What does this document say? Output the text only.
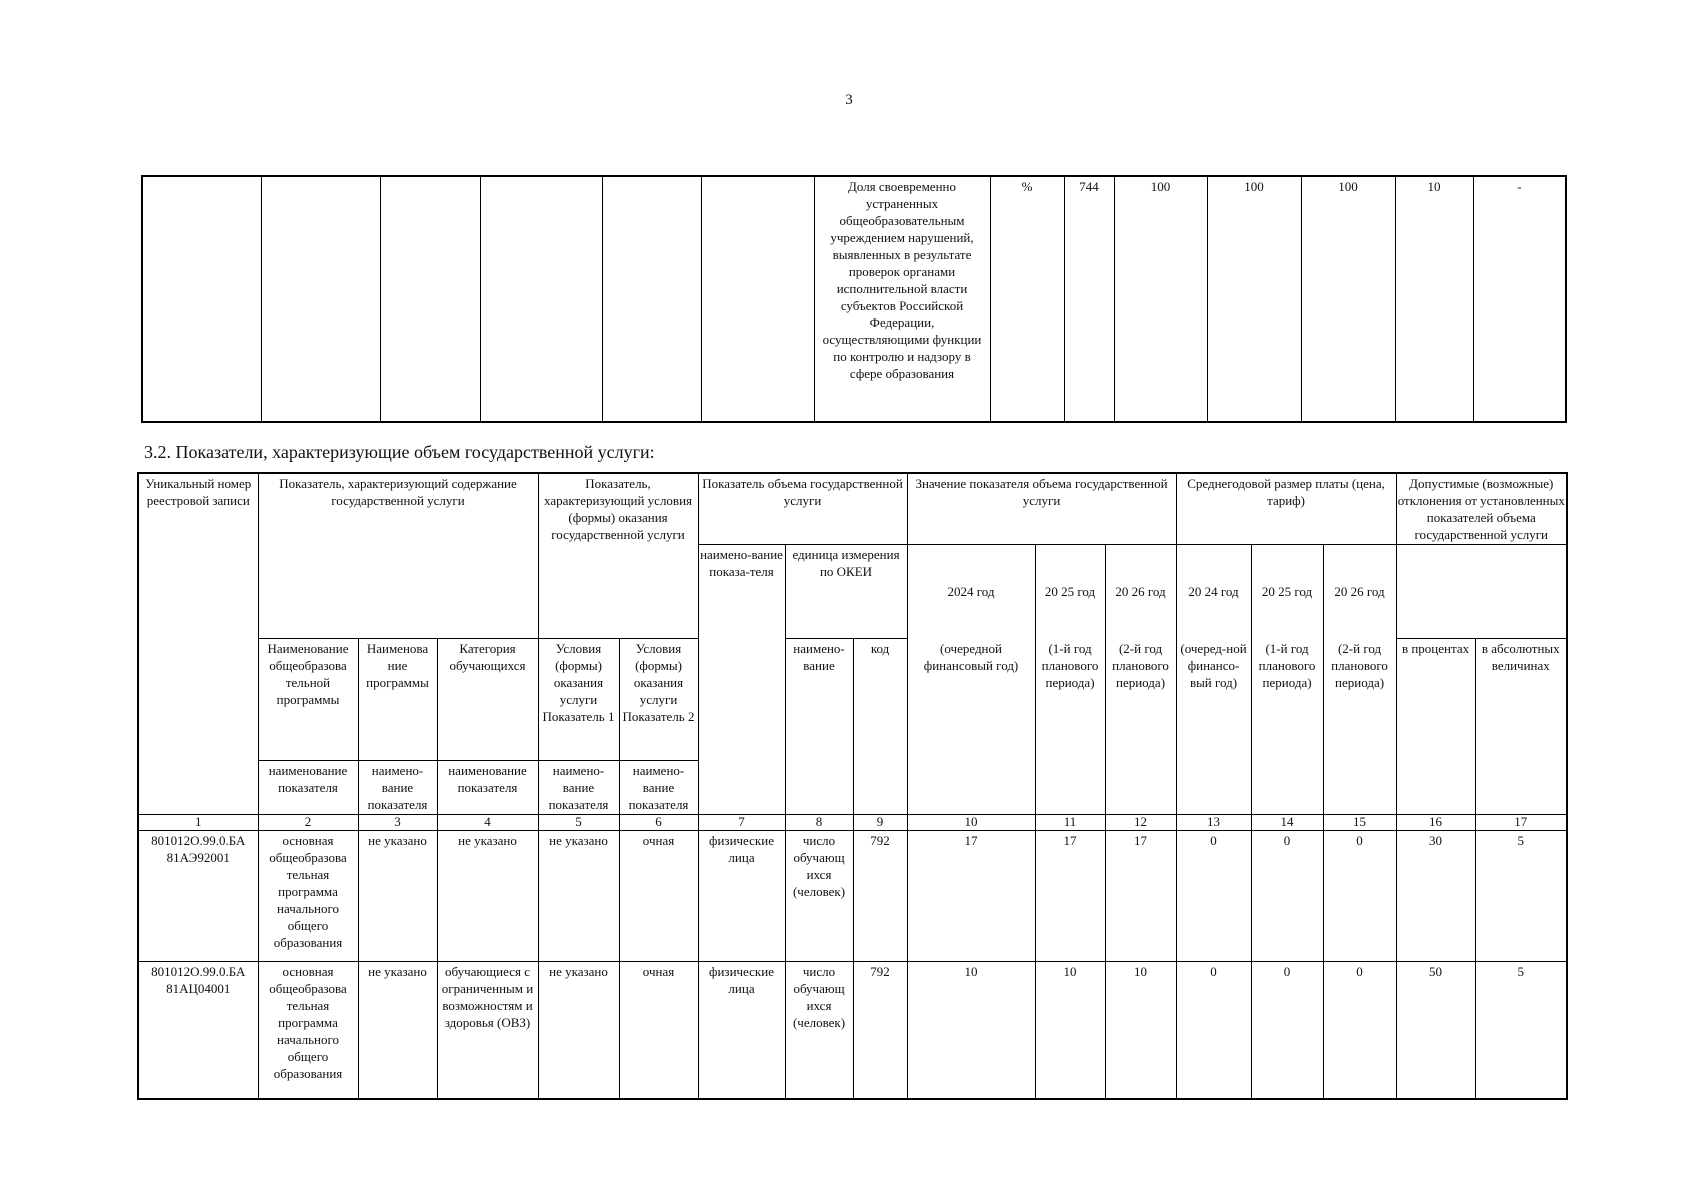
3
						Доля своевременно устраненных общеобразовательным учреждением нарушений, выявленных в результате проверок органами исполнительной власти субъектов Российской Федерации, осуществляющими функции по контролю и надзору в сфере образования	%	744	100	100	100	10	-
3.2. Показатели, характеризующие объем государственной услуги:
Уникальный номер реестровой записи	Показатель, характеризующий содержание государственной услуги			Показатель, характеризующий условия (формы) оказания государственной услуги		Показатель объема государственной услуги			Значение показателя объема государственной услуги			Среднегодовой размер платы (цена, тариф)			Допустимые (возможные) отклонения от установленных показателей объема государственной услуги	
						наимено-вание показа-теля	единица измерения по ОКЕИ		2024 год	20 25 год	20 26 год	20 24 год	20 25 год	20 26 год		
	Наименование общеобразова тельной программы	Наименова ние программы	Категория обучающихся	Условия (формы) оказания услуги Показатель 1	Условия (формы) оказания услуги Показатель 2		наимено-вание	код	(очередной финансовый год)	(1-й год планового периода)	(2-й год планового периода)	(очеред-ной финансо-вый год)	(1-й год планового периода)	(2-й год планового периода)	в процентах	в абсолютных величинах
	наименование показателя	наимено-вание показателя	наименование показателя	наимено-вание показателя	наимено-вание показателя											
1	2	3	4	5	6	7	8	9	10	11	12	13	14	15	16	17
801012О.99.0.БА 81АЭ92001	основная общеобразова тельная программа начального общего образования	не указано	не указано	не указано	очная	физические лица	число обучающ ихся (человек)	792	17	17	17	0	0	0	30	5
801012О.99.0.БА 81АЦ04001	основная общеобразова тельная программа начального общего образования	не указано	обучающиеся с ограниченным и возможностям и здоровья (ОВЗ)	не указано	очная	физические лица	число обучающ ихся (человек)	792	10	10	10	0	0	0	50	5
